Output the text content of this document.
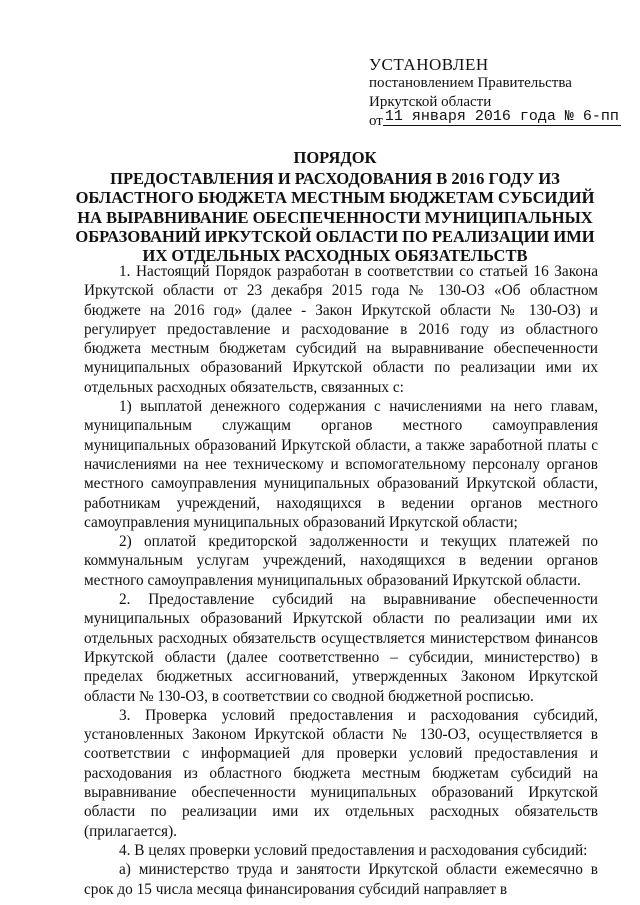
УСТАНОВЛЕН
постановлением Правительства
Иркутской области
от 11 января 2016 года № 6-пп
ПОРЯДОК
ПРЕДОСТАВЛЕНИЯ И РАСХОДОВАНИЯ В 2016 ГОДУ ИЗ ОБЛАСТНОГО БЮДЖЕТА МЕСТНЫМ БЮДЖЕТАМ СУБСИДИЙ НА ВЫРАВНИВАНИЕ ОБЕСПЕЧЕННОСТИ МУНИЦИПАЛЬНЫХ ОБРАЗОВАНИЙ ИРКУТСКОЙ ОБЛАСТИ ПО РЕАЛИЗАЦИИ ИМИ ИХ ОТДЕЛЬНЫХ РАСХОДНЫХ ОБЯЗАТЕЛЬСТВ

1. Настоящий Порядок разработан в соответствии со статьей 16 Закона Иркутской области от 23 декабря 2015 года № 130-ОЗ «Об областном бюджете на 2016 год» (далее - Закон Иркутской области № 130-ОЗ) и регулирует предоставление и расходование в 2016 году из областного бюджета местным бюджетам субсидий на выравнивание обеспеченности муниципальных образований Иркутской области по реализации ими их отдельных расходных обязательств, связанных с:

1) выплатой денежного содержания с начислениями на него главам, муниципальным служащим органов местного самоуправления муниципальных образований Иркутской области, а также заработной платы с начислениями на нее техническому и вспомогательному персоналу органов местного самоуправления муниципальных образований Иркутской области, работникам учреждений, находящихся в ведении органов местного самоуправления муниципальных образований Иркутской области;

2) оплатой кредиторской задолженности и текущих платежей по коммунальным услугам учреждений, находящихся в ведении органов местного самоуправления муниципальных образований Иркутской области.

2. Предоставление субсидий на выравнивание обеспеченности муниципальных образований Иркутской области по реализации ими их отдельных расходных обязательств осуществляется министерством финансов Иркутской области (далее соответственно – субсидии, министерство) в пределах бюджетных ассигнований, утвержденных Законом Иркутской области № 130-ОЗ, в соответствии со сводной бюджетной росписью.

3. Проверка условий предоставления и расходования субсидий, установленных Законом Иркутской области № 130-ОЗ, осуществляется в соответствии с информацией для проверки условий предоставления и расходования из областного бюджета местным бюджетам субсидий на выравнивание обеспеченности муниципальных образований Иркутской области по реализации ими их отдельных расходных обязательств (прилагается).

4. В целях проверки условий предоставления и расходования субсидий:

а) министерство труда и занятости Иркутской области ежемесячно в срок до 15 числа месяца финансирования субсидий направляет в
